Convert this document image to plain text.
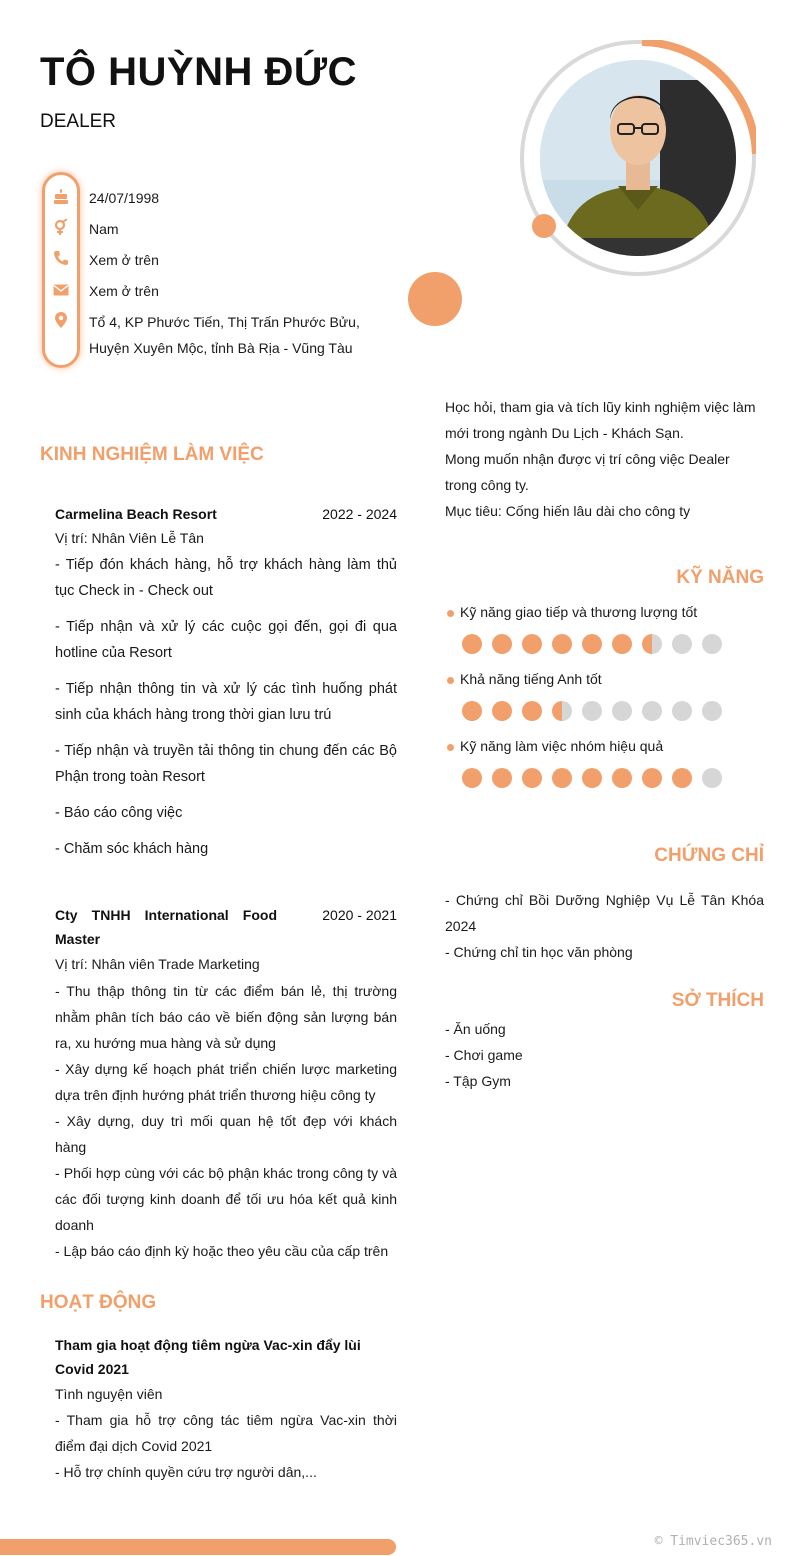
TÔ HUỲNH ĐỨC
DEALER
24/07/1998
Nam
Xem ở trên
Xem ở trên
Tổ 4, KP Phước Tiến, Thị Trấn Phước Bửu,
Huyện Xuyên Mộc, tỉnh Bà Rịa - Vũng Tàu

Học hỏi, tham gia và tích lũy kinh nghiệm việc làm mới trong ngành Du Lịch - Khách Sạn.

Mong muốn nhận được vị trí công việc Dealer trong công ty.

Mục tiêu: Cống hiến lâu dài cho công ty

KINH NGHIỆM LÀM VIỆC
Carmelina Beach Resort	2022 - 2024
Vị trí: Nhân Viên Lễ Tân

- Tiếp đón khách hàng, hỗ trợ khách hàng làm thủ tục Check in - Check out

- Tiếp nhận và xử lý các cuộc gọi đến, gọi đi qua hotline của Resort

- Tiếp nhận thông tin và xử lý các tình huống phát sinh của khách hàng trong thời gian lưu trú

- Tiếp nhận và truyền tải thông tin chung đến các Bộ Phận trong toàn Resort

- Báo cáo công việc

- Chăm sóc khách hàng

Cty TNHH International Food Master
2020 - 2021
Vị trí: Nhân viên Trade Marketing

- Thu thập thông tin từ các điểm bán lẻ, thị trường nhằm phân tích báo cáo về biến động sản lượng bán ra, xu hướng mua hàng và sử dụng

- Xây dựng kế hoạch phát triển chiến lược marketing dựa trên định hướng phát triển thương hiệu công ty

- Xây dựng, duy trì mối quan hệ tốt đẹp với khách hàng

- Phối hợp cùng với các bộ phận khác trong công ty và các đối tượng kinh doanh để tối ưu hóa kết quả kinh doanh

- Lập báo cáo định kỳ hoặc theo yêu cầu của cấp trên

HOẠT ĐỘNG
Tham gia hoạt động tiêm ngừa Vac-xin đẩy lùi Covid 2021
Tình nguyện viên

- Tham gia hỗ trợ công tác tiêm ngừa Vac-xin thời điểm đại dịch Covid 2021

- Hỗ trợ chính quyền cứu trợ người dân,...

KỸ NĂNG
Kỹ năng giao tiếp và thương lượng tốt
Khả năng tiếng Anh tốt
Kỹ năng làm việc nhóm hiệu quả
CHỨNG CHỈ

- Chứng chỉ Bồi Dưỡng Nghiệp Vụ Lễ Tân Khóa 2024

- Chứng chỉ tin học văn phòng

SỞ THÍCH

- Ăn uống

- Chơi game

- Tập Gym

© Timviec365.vn
